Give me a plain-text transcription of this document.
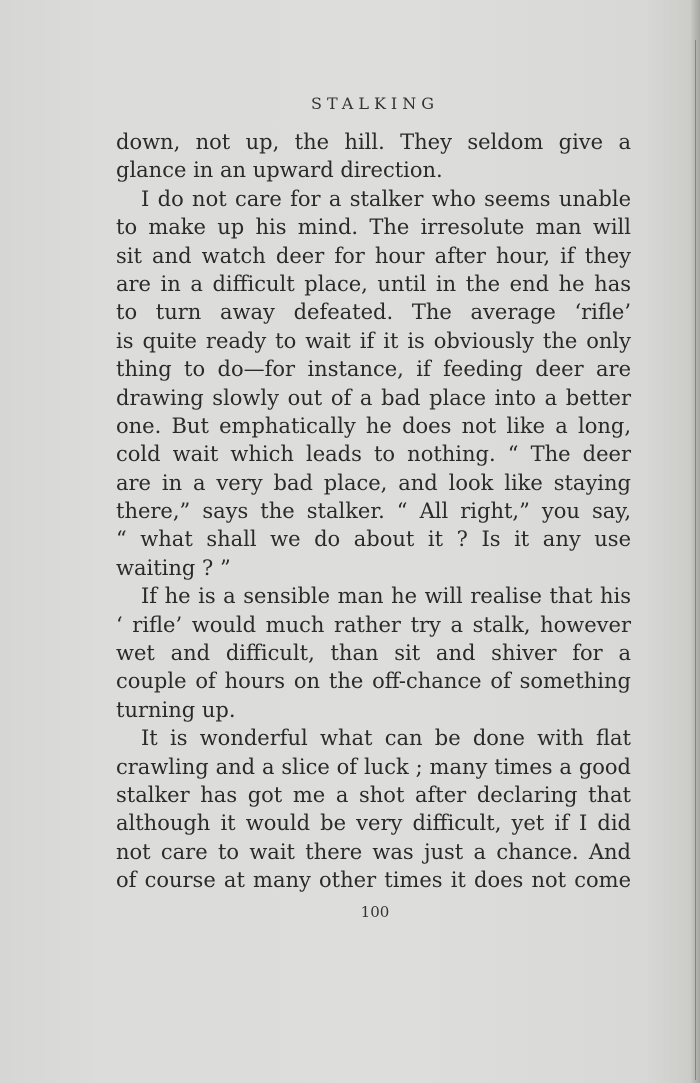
STALKING
down, not up, the hill. They seldom give a
glance in an upward direction.
I do not care for a stalker who seems unable
to make up his mind. The irresolute man will
sit and watch deer for hour after hour, if they
are in a difficult place, until in the end he has
to turn away defeated. The average ‘rifle’
is quite ready to wait if it is obviously the only
thing to do—for instance, if feeding deer are
drawing slowly out of a bad place into a better
one. But emphatically he does not like a long,
cold wait which leads to nothing. “ The deer
are in a very bad place, and look like staying
there,” says the stalker. “ All right,” you say,
“ what shall we do about it ? Is it any use
waiting ? ”
If he is a sensible man he will realise that his
‘ rifle’ would much rather try a stalk, however
wet and difficult, than sit and shiver for a
couple of hours on the off-chance of something
turning up.
It is wonderful what can be done with flat
crawling and a slice of luck ; many times a good
stalker has got me a shot after declaring that
although it would be very difficult, yet if I did
not care to wait there was just a chance. And
of course at many other times it does not come
100
